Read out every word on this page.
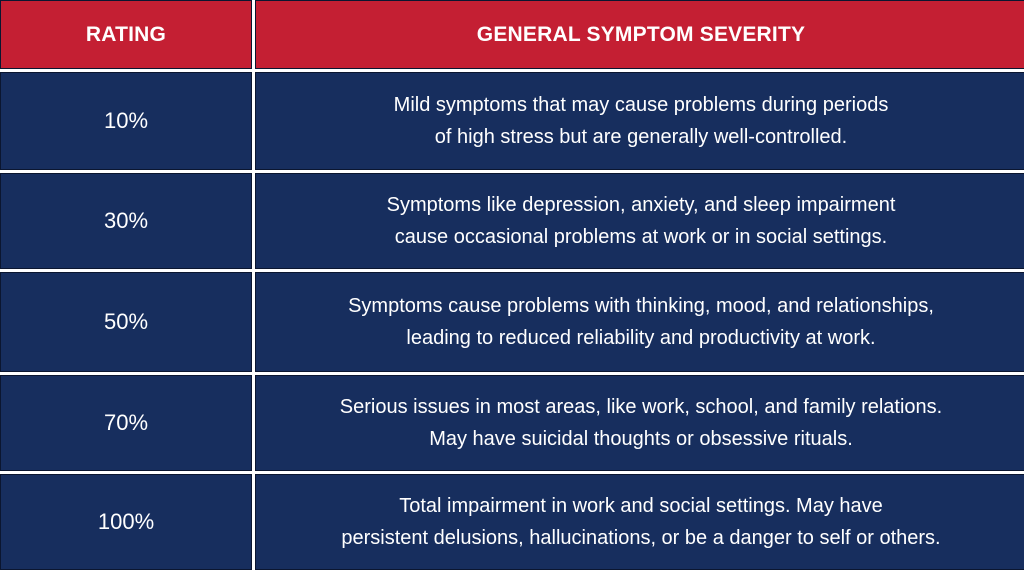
RATING	GENERAL SYMPTOM SEVERITY
10%
Mild symptoms that may cause problems during periods
of high stress but are generally well-controlled.
30%
Symptoms like depression, anxiety, and sleep impairment
cause occasional problems at work or in social settings.
50%
Symptoms cause problems with thinking, mood, and relationships,
leading to reduced reliability and productivity at work.
70%
Serious issues in most areas, like work, school, and family relations.
May have suicidal thoughts or obsessive rituals.
100%
Total impairment in work and social settings. May have
persistent delusions, hallucinations, or be a danger to self or others.
